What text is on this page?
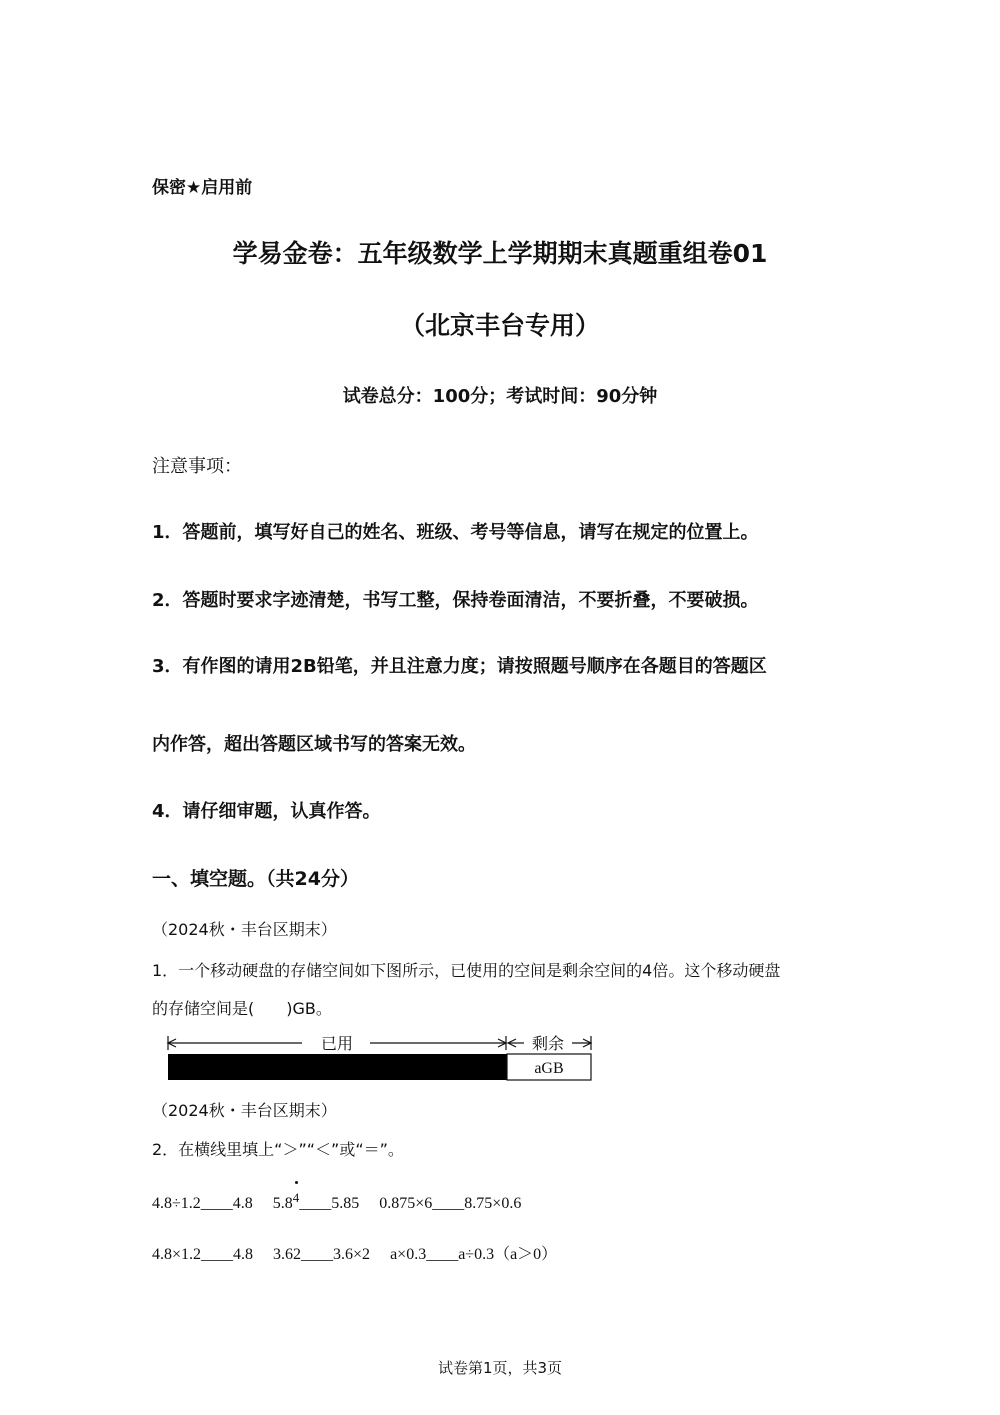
保密★启用前
学易金卷：五年级数学上学期期末真题重组卷01
（北京丰台专用）
试卷总分：100分；考试时间：90分钟
注意事项：
1．答题前，填写好自己的姓名、班级、考号等信息，请写在规定的位置上。
2．答题时要求字迹清楚，书写工整，保持卷面清洁，不要折叠，不要破损。
3．有作图的请用2B铅笔，并且注意力度；请按照题号顺序在各题目的答题区
内作答，超出答题区域书写的答案无效。
4．请仔细审题，认真作答。
一、填空题。（共24分）
（2024秋・丰台区期末）
1．一个移动硬盘的存储空间如下图所示，已使用的空间是剩余空间的4倍。这个移动硬盘
的存储空间是(　　)GB。
已用	剩余
aGB
（2024秋・丰台区期末）
2．在横线里填上“＞”“＜”或“＝”。
4.8÷1.2____4.8 5.84____5.85 0.875×6____8.75×0.6
4.8×1.2____4.8 3.62____3.6×2 a×0.3____a÷0.3（a＞0）
试卷第1页，共3页
